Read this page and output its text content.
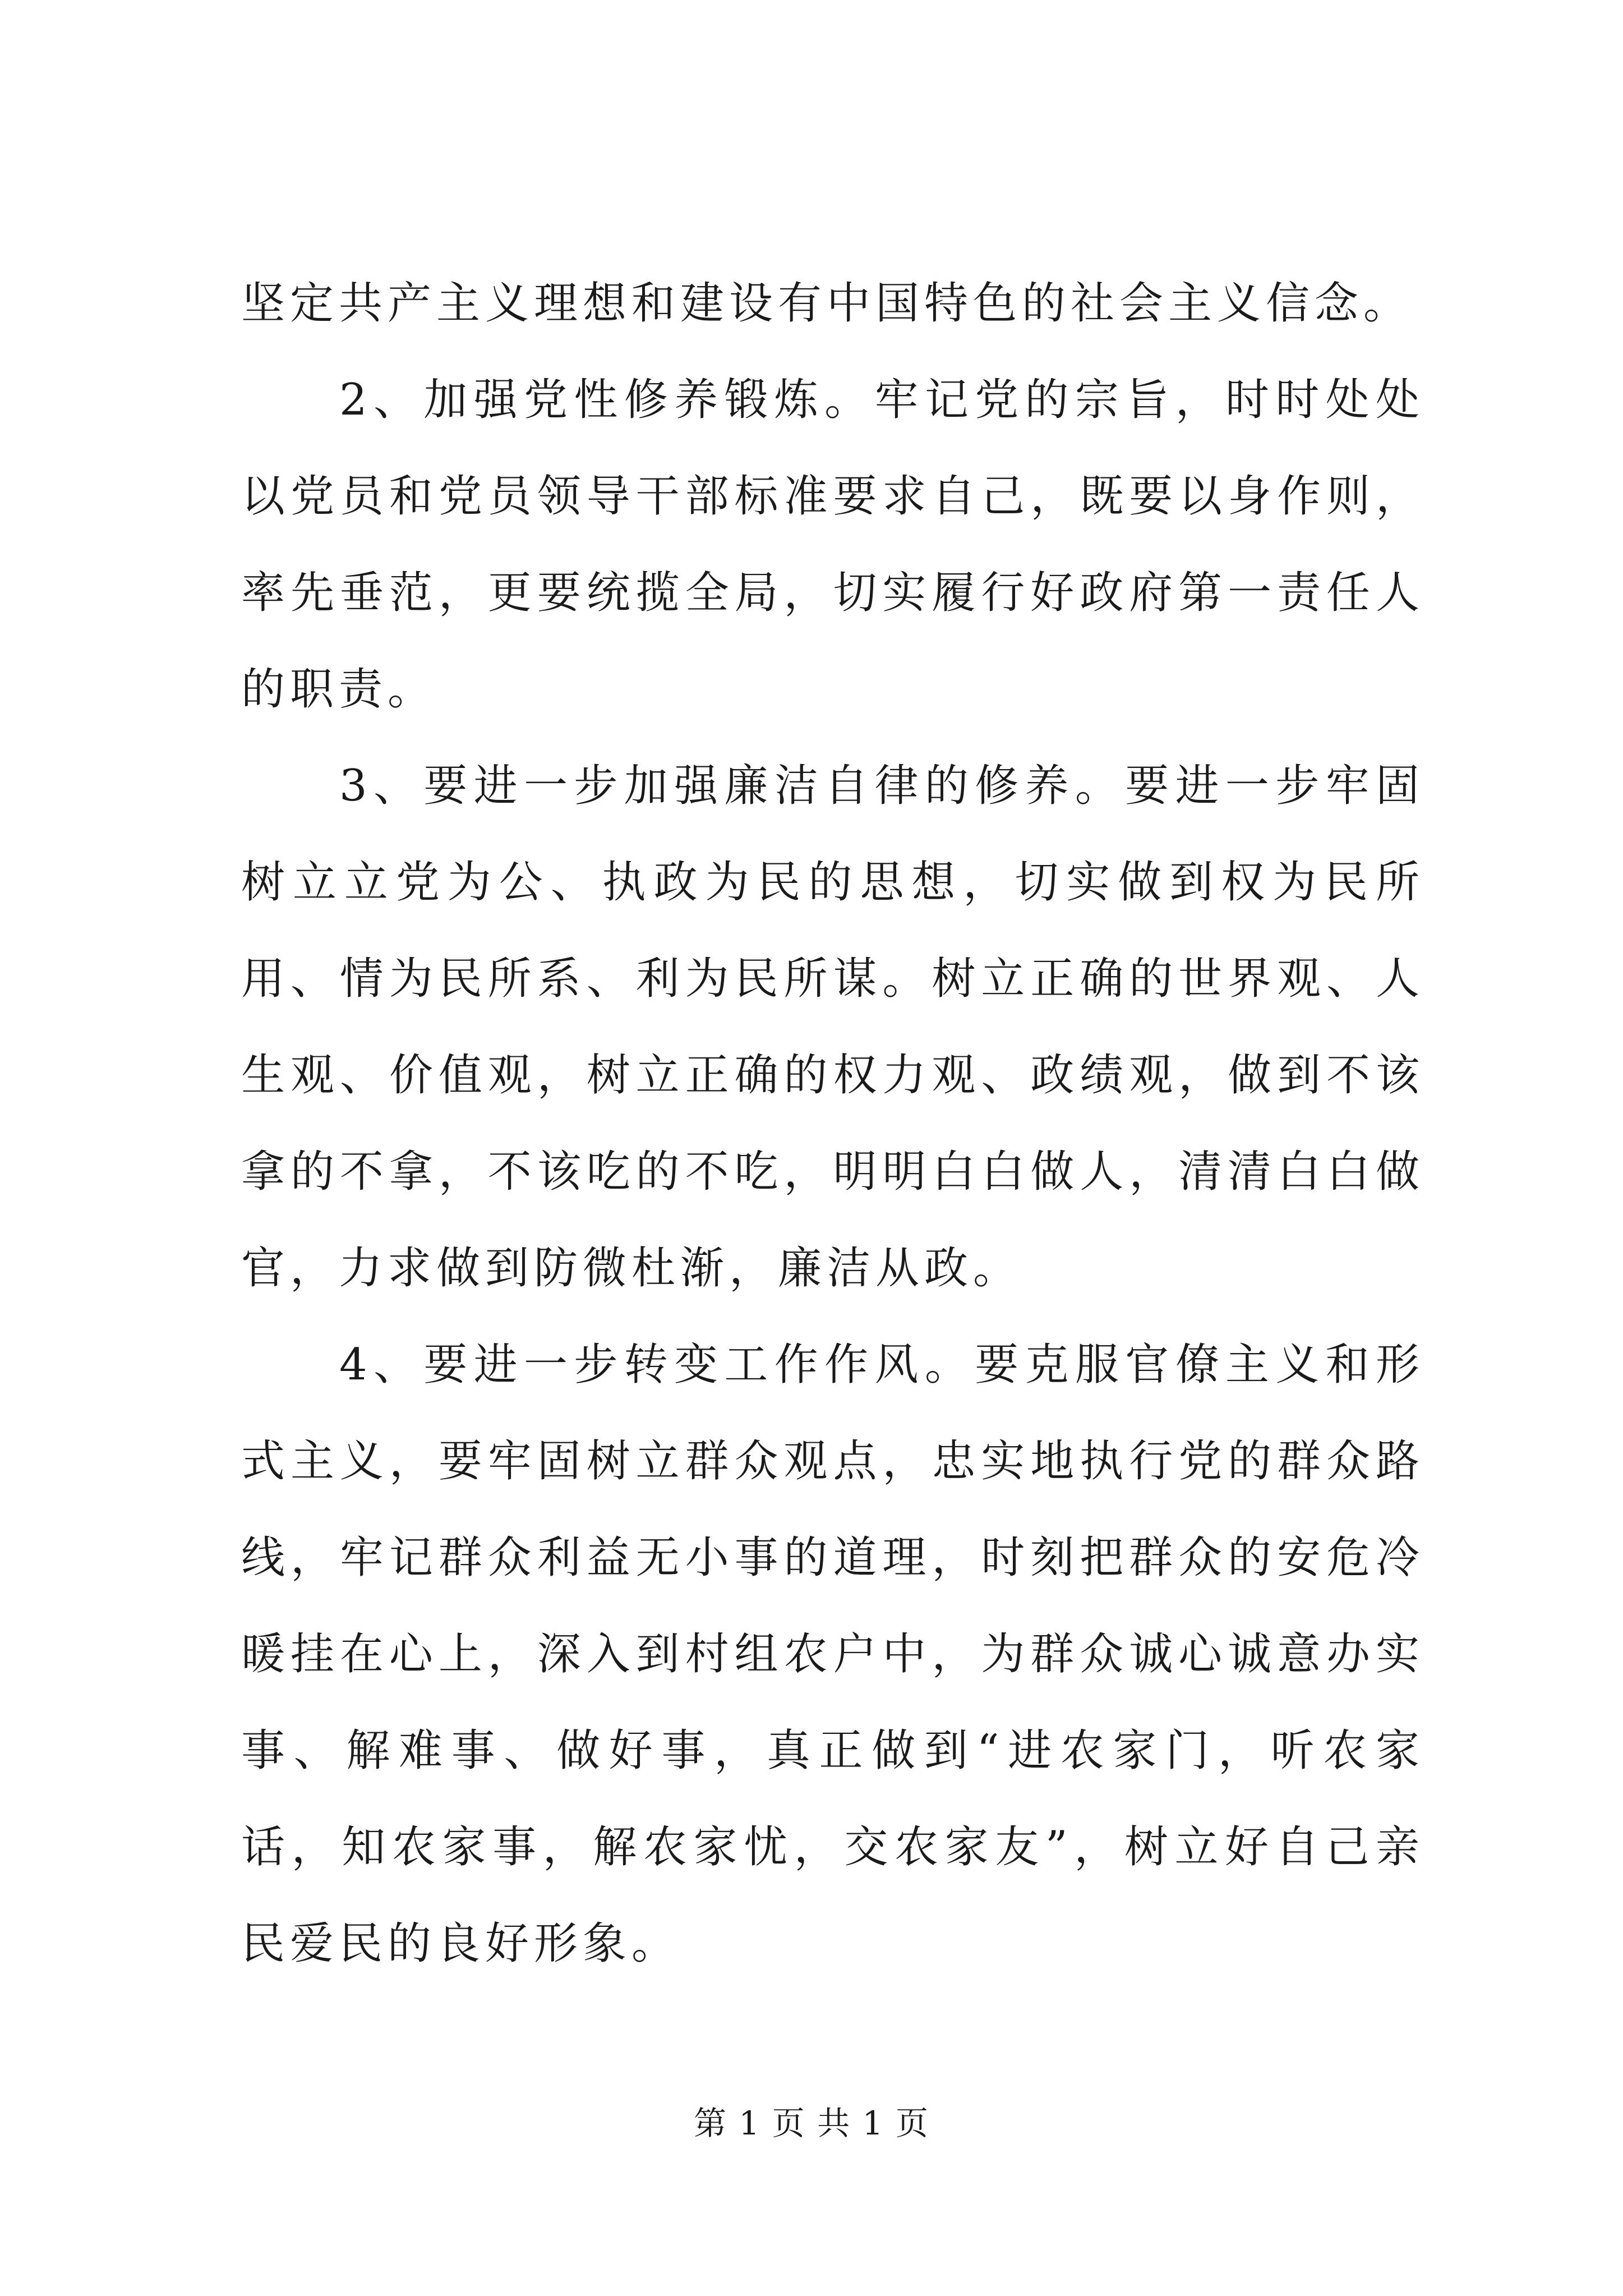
坚定共产主义理想和建设有中国特色的社会主义信念。

2、加强党性修养锻炼。牢记党的宗旨，时时处处以党员和党员领导干部标准要求自己，既要以身作则，率先垂范，更要统揽全局，切实履行好政府第一责任人的职责。

3、要进一步加强廉洁自律的修养。要进一步牢固树立立党为公、执政为民的思想，切实做到权为民所用、情为民所系、利为民所谋。树立正确的世界观、人生观、价值观，树立正确的权力观、政绩观，做到不该拿的不拿，不该吃的不吃，明明白白做人，清清白白做官，力求做到防微杜渐，廉洁从政。

4、要进一步转变工作作风。要克服官僚主义和形式主义，要牢固树立群众观点，忠实地执行党的群众路线，牢记群众利益无小事的道理，时刻把群众的安危冷暖挂在心上，深入到村组农户中，为群众诚心诚意办实事、解难事、做好事，真正做到“进农家门，听农家话，知农家事，解农家忧，交农家友”，树立好自己亲民爱民的良好形象。

第 1 页 共 1 页
